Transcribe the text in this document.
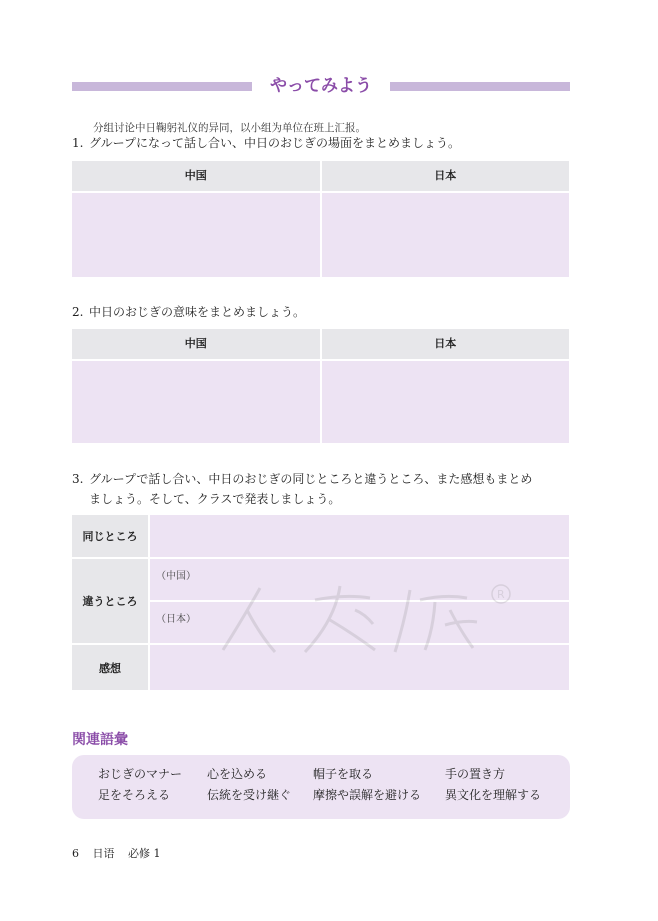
やってみよう
分组讨论中日鞠躬礼仪的异同，以小组为单位在班上汇报。
1. グループになって話し合い、中日のおじぎの場面をまとめましょう。
中国	日本
2. 中日のおじぎの意味をまとめましょう。
中国	日本
3. グループで話し合い、中日のおじぎの同じところと違うところ、また感想もまとめ
ましょう。そして、クラスで発表しましょう。
同じところ
違うところ
（中国）
（日本）
感想
R
関連語彙
おじぎのマナー	心を込める	帽子を取る	手の置き方
足をそろえる	伝統を受け継ぐ	摩擦や誤解を避ける	異文化を理解する
6 日语 必修 1
